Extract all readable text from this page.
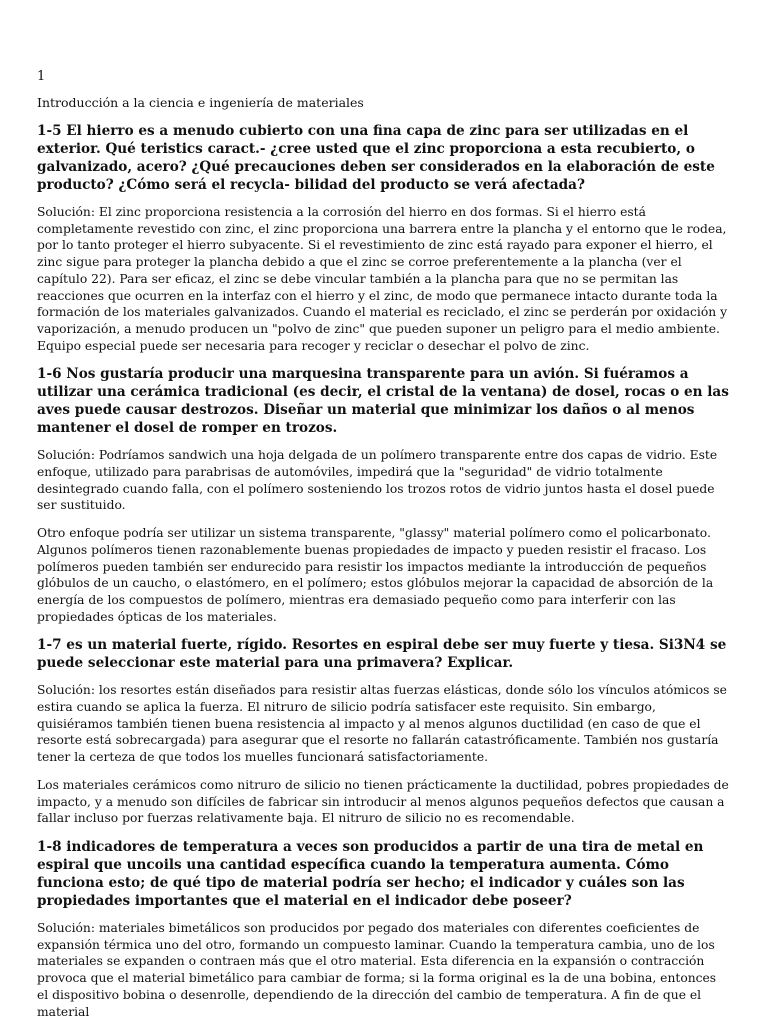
1
Introducción a la ciencia e ingeniería de materiales

1-5 El hierro es a menudo cubierto con una fina capa de zinc para ser utilizadas en el exterior. Qué teristics caract.- ¿cree usted que el zinc proporciona a esta recubierto, o galvanizado, acero? ¿Qué precauciones deben ser considerados en la elaboración de este producto? ¿Cómo será el recycla- bilidad del producto se verá afectada?

Solución: El zinc proporciona resistencia a la corrosión del hierro en dos formas. Si el hierro está completamente revestido con zinc, el zinc proporciona una barrera entre la plancha y el entorno que le rodea, por lo tanto proteger el hierro subyacente. Si el revestimiento de zinc está rayado para exponer el hierro, el zinc sigue para proteger la plancha debido a que el zinc se corroe preferentemente a la plancha (ver el capítulo 22). Para ser eficaz, el zinc se debe vincular también a la plancha para que no se permitan las reacciones que ocurren en la interfaz con el hierro y el zinc, de modo que permanece intacto durante toda la formación de los materiales galvanizados. Cuando el material es reciclado, el zinc se perderán por oxidación y vaporización, a menudo producen un "polvo de zinc" que pueden suponer un peligro para el medio ambiente. Equipo especial puede ser necesaria para recoger y reciclar o desechar el polvo de zinc.

1-6 Nos gustaría producir una marquesina transparente para un avión. Si fuéramos a utilizar una cerámica tradicional (es decir, el cristal de la ventana) de dosel, rocas o en las aves puede causar destrozos. Diseñar un material que minimizar los daños o al menos mantener el dosel de romper en trozos.

Solución: Podríamos sandwich una hoja delgada de un polímero transparente entre dos capas de vidrio. Este enfoque, utilizado para parabrisas de automóviles, impedirá que la "seguridad" de vidrio totalmente desintegrado cuando falla, con el polímero sosteniendo los trozos rotos de vidrio juntos hasta el dosel puede ser sustituido.

Otro enfoque podría ser utilizar un sistema transparente, "glassy" material polímero como el policarbonato. Algunos polímeros tienen razonablemente buenas propiedades de impacto y pueden resistir el fracaso. Los polímeros pueden también ser endurecido para resistir los impactos mediante la introducción de pequeños glóbulos de un caucho, o elastómero, en el polímero; estos glóbulos mejorar la capacidad de absorción de la energía de los compuestos de polímero, mientras era demasiado pequeño como para interferir con las propiedades ópticas de los materiales.

1-7 es un material fuerte, rígido. Resortes en espiral debe ser muy fuerte y tiesa. Si3N4 se puede seleccionar este material para una primavera? Explicar.

Solución: los resortes están diseñados para resistir altas fuerzas elásticas, donde sólo los vínculos atómicos se estira cuando se aplica la fuerza. El nitruro de silicio podría satisfacer este requisito. Sin embargo, quisiéramos también tienen buena resistencia al impacto y al menos algunos ductilidad (en caso de que el resorte está sobrecargada) para asegurar que el resorte no fallarán catastróficamente. También nos gustaría tener la certeza de que todos los muelles funcionará satisfactoriamente.

Los materiales cerámicos como nitruro de silicio no tienen prácticamente la ductilidad, pobres propiedades de impacto, y a menudo son difíciles de fabricar sin introducir al menos algunos pequeños defectos que causan a fallar incluso por fuerzas relativamente baja. El nitruro de silicio no es recomendable.

1-8 indicadores de temperatura a veces son producidos a partir de una tira de metal en espiral que uncoils una cantidad específica cuando la temperatura aumenta. Cómo funciona esto; de qué tipo de material podría ser hecho; el indicador y cuáles son las propiedades importantes que el material en el indicador debe poseer?

Solución: materiales bimetálicos son producidos por pegado dos materiales con diferentes coeficientes de expansión térmica uno del otro, formando un compuesto laminar. Cuando la temperatura cambia, uno de los materiales se expanden o contraen más que el otro material. Esta diferencia en la expansión o contracción provoca que el material bimetálico para cambiar de forma; si la forma original es la de una bobina, entonces el dispositivo bobina o desenrolle, dependiendo de la dirección del cambio de temperatura. A fin de que el material
